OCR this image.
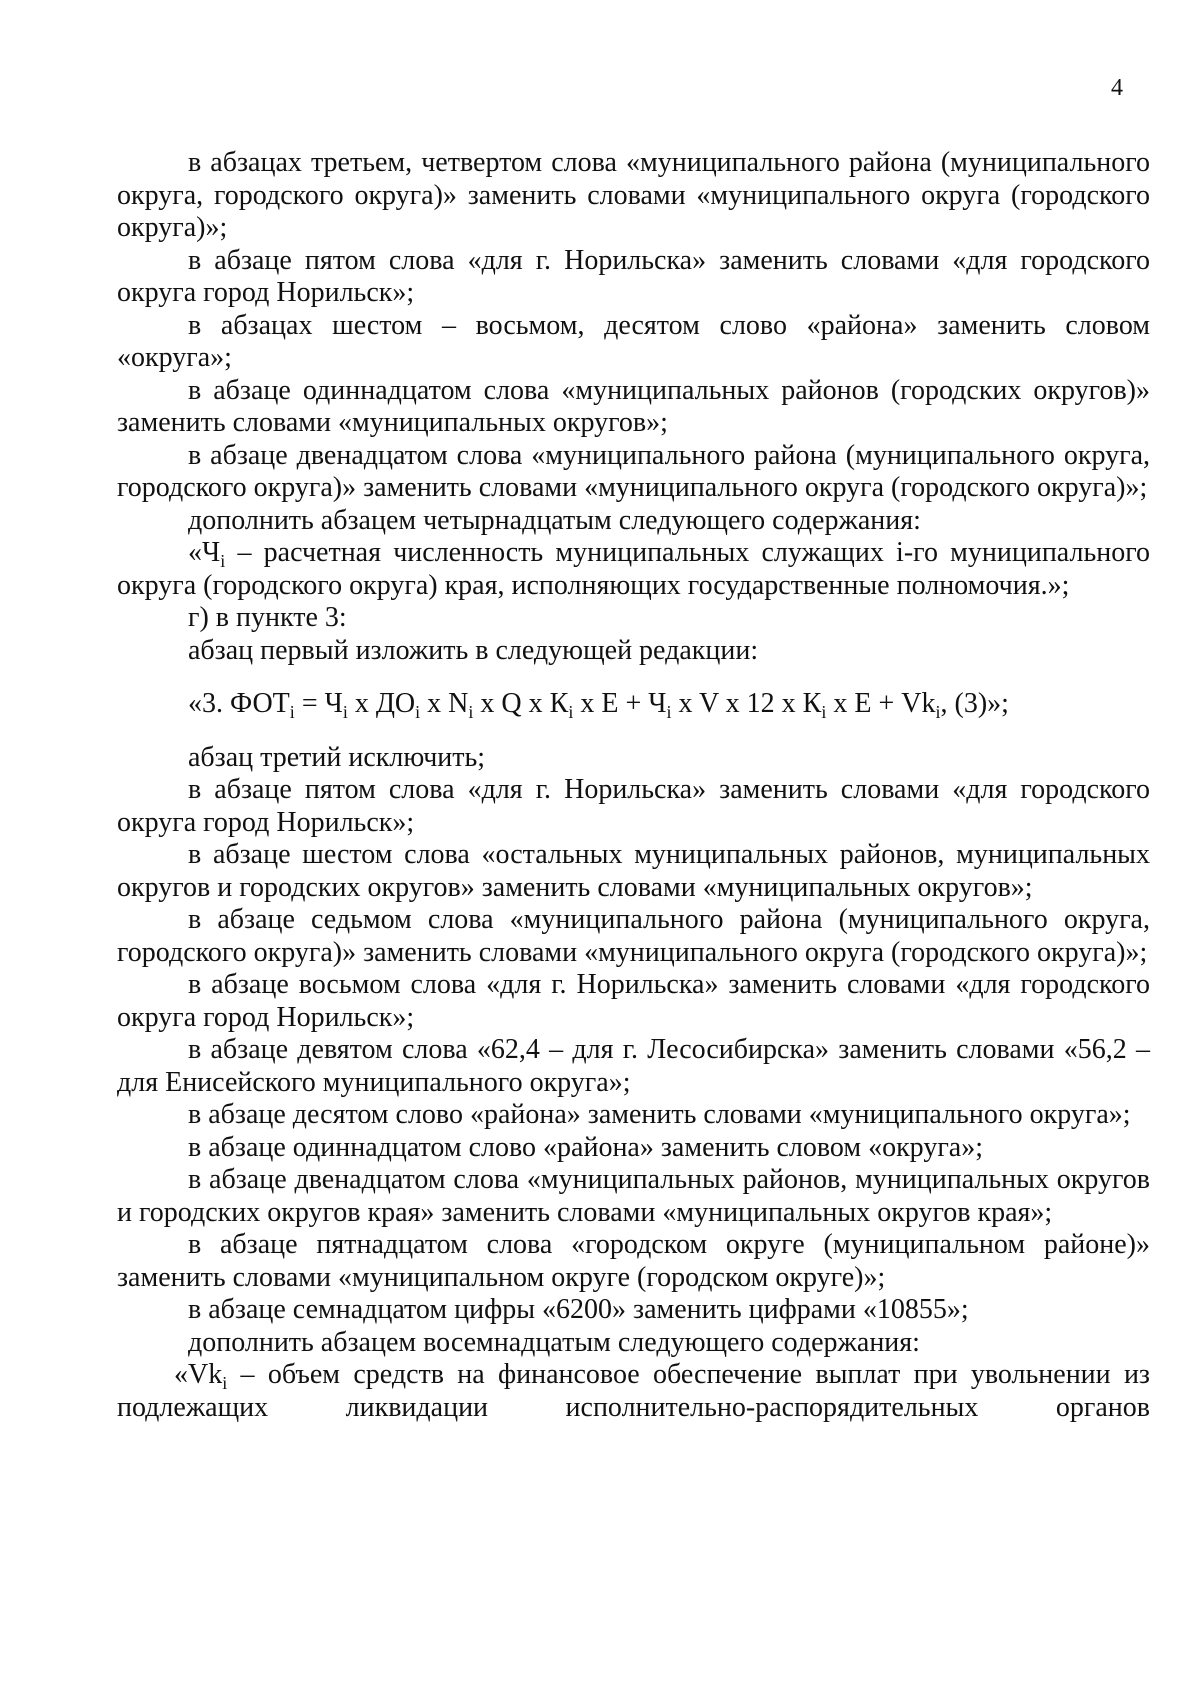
4

в абзацах третьем, четвертом слова «муниципального района (муниципального округа, городского округа)» заменить словами «муниципального округа (городского округа)»;

в абзаце пятом слова «для г. Норильска» заменить словами «для городского округа город Норильск»;

в абзацах шестом – восьмом, десятом слово «района» заменить словом «округа»;

в абзаце одиннадцатом слова «муниципальных районов (городских округов)» заменить словами «муниципальных округов»;

в абзаце двенадцатом слова «муниципального района (муниципального округа, городского округа)» заменить словами «муниципального округа (городского округа)»;

дополнить абзацем четырнадцатым следующего содержания:

«$Ч_i$ – расчетная численность муниципальных служащих i-го муниципального округа (городского округа) края, исполняющих государственные полномочия.»;

г) в пункте 3:

абзац первый изложить в следующей редакции:

«3. $ФОТ_i = Ч_i$ x $ДО_i$ x $N_i$ x Q x $К_i$ x $Е + Ч_i$ x V x 12 x $К_i$ x $Е + Vk_i$, (3)»;

абзац третий исключить;

в абзаце пятом слова «для г. Норильска» заменить словами «для городского округа город Норильск»;

в абзаце шестом слова «остальных муниципальных районов, муниципальных округов и городских округов» заменить словами «муниципальных округов»;

в абзаце седьмом слова «муниципального района (муниципального округа, городского округа)» заменить словами «муниципального округа (городского округа)»;

в абзаце восьмом слова «для г. Норильска» заменить словами «для городского округа город Норильск»;

в абзаце девятом слова «62,4 – для г. Лесосибирска» заменить словами «56,2 – для Енисейского муниципального округа»;

в абзаце десятом слово «района» заменить словами «муниципального округа»;

в абзаце одиннадцатом слово «района» заменить словом «округа»;

в абзаце двенадцатом слова «муниципальных районов, муниципальных округов и городских округов края» заменить словами «муниципальных округов края»;

в абзаце пятнадцатом слова «городском округе (муниципальном районе)» заменить словами «муниципальном округе (городском округе)»;

в абзаце семнадцатом цифры «6200» заменить цифрами «10855»;

дополнить абзацем восемнадцатым следующего содержания:

«$Vk_i$ – объем средств на финансовое обеспечение выплат при увольнении из подлежащих ликвидации исполнительно-распорядительных органов
